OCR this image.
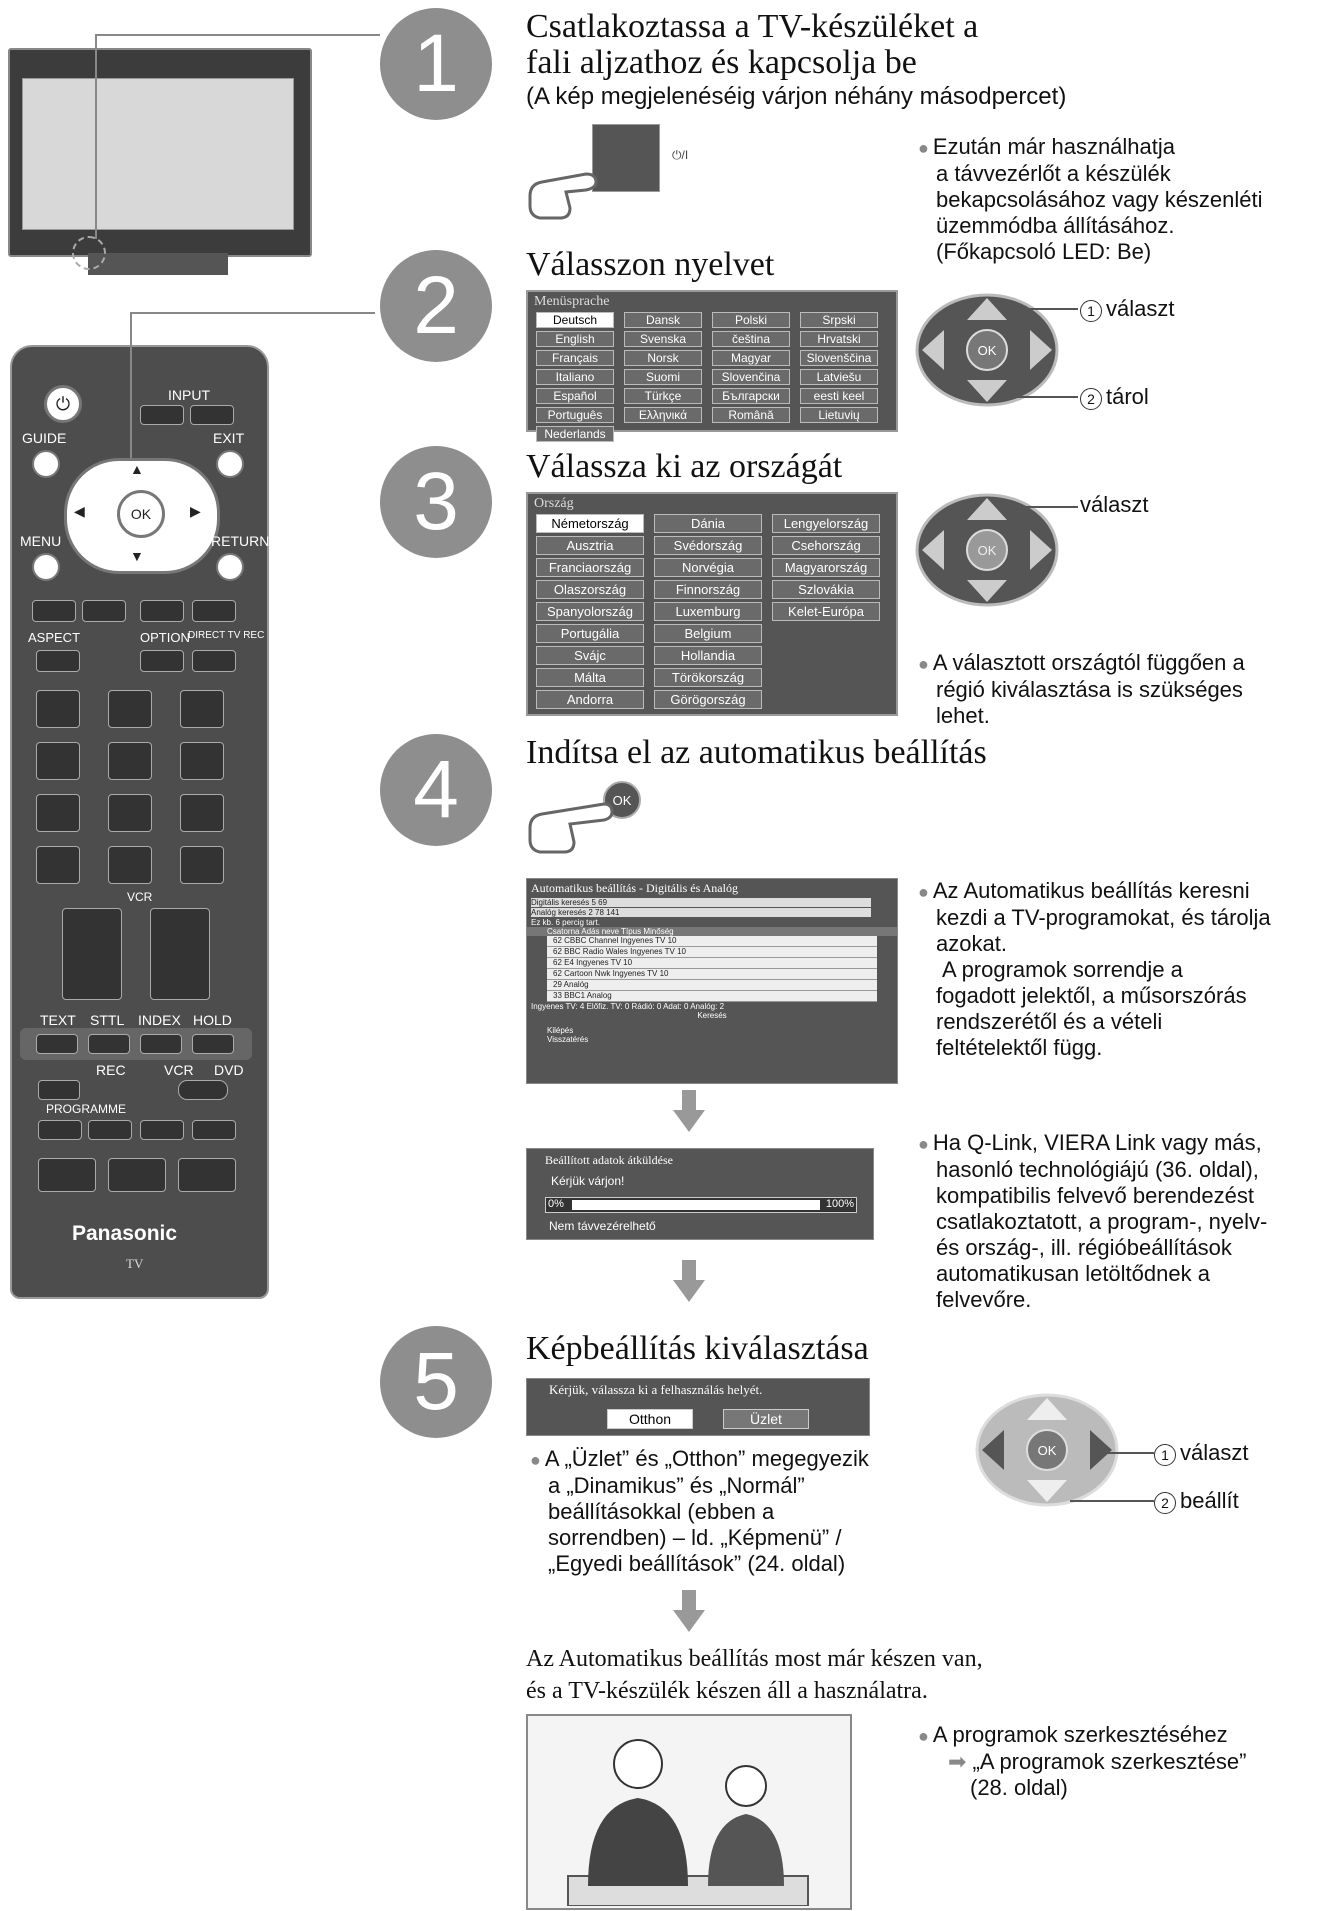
⏻	INPUT
GUIDE	EXIT
OK
▲
▼
◀	▶
MENU	RETURN
ASPECT	OPTION
DIRECT TV REC
VCR
TEXT STTL INDEX HOLD
REC	VCR DVD
PROGRAMME
Panasonic
TV
1	Csatlakoztassa a TV-készüléket a
fali aljzathoz és kapcsolja be
(A kép megjelenéséig várjon néhány másodpercet)
⏻/I
●	Ezután már használhatja
a távvezérlőt a készülék
bekapcsolásához vagy készenléti
üzemmódba állításához.
(Főkapcsoló LED: Be)
2	Válasszon nyelvet
Menüsprache
Deutsch	Dansk	Polski	Srpski
English	Svenska	čeština	Hrvatski
Français	Norsk	Magyar	Slovenščina
Italiano	Suomi	Slovenčina	Latviešu
Español	Türkçe	Български	eesti keel
Português	Ελληνικά	Română	Lietuvių
Nederlands
OK
1 választ
2 tárol
3	Válassza ki az országát
Ország
Németország	Dánia	Lengyelország
Ausztria	Svédország	Csehország
Franciaország	Norvégia	Magyarország
Olaszország	Finnország	Szlovákia
Spanyolország	Luxemburg	Kelet-Európa
Portugália	Belgium
Svájc	Hollandia
Málta	Törökország
Andorra	Görögország
OK
választ
● A választott országtól függően a
régió kiválasztása is szükséges
lehet.
4	Indítsa el az automatikus beállítás
OK
Automatikus beállítás - Digitális és Analóg
Digitális keresés 5 69
Analóg keresés 2 78 141
Ez kb. 6 percig tart.
Csatorna Adás neve Típus Minőség
62 CBBC Channel Ingyenes TV 10
62 BBC Radio Wales Ingyenes TV 10
62 E4 Ingyenes TV 10
62 Cartoon Nwk Ingyenes TV 10
29 Analóg
33 BBC1 Analog
Ingyenes TV: 4 Előfiz. TV: 0 Rádió: 0 Adat: 0 Analóg: 2
Keresés
Kilépés
Visszatérés
● Az Automatikus beállítás keresni
kezdi a TV-programokat, és tárolja
azokat.
A programok sorrendje a
fogadott jelektől, a műsorszórás
rendszerétől és a vételi
feltételektől függ.
Beállított adatok átküldése
Kérjük várjon!
0%	100%
Nem távvezérelhető
● Ha Q-Link, VIERA Link vagy más,
hasonló technológiájú (36. oldal),
kompatibilis felvevő berendezést
csatlakoztatott, a program-, nyelv-
és ország-, ill. régióbeállítások
automatikusan letöltődnek a
felvevőre.
5	Képbeállítás kiválasztása
Kérjük, válassza ki a felhasználás helyét.
Otthon	Üzlet
● A „Üzlet” és „Otthon” megegyezik
a „Dinamikus” és „Normál”
beállításokkal (ebben a
sorrendben) – ld. „Képmenü” /
„Egyedi beállítások” (24. oldal)
OK	1 választ
2 beállít
Az Automatikus beállítás most már készen van,
és a TV-készülék készen áll a használatra.
● A programok szerkesztéséhez
➡ „A programok szerkesztése”
(28. oldal)
